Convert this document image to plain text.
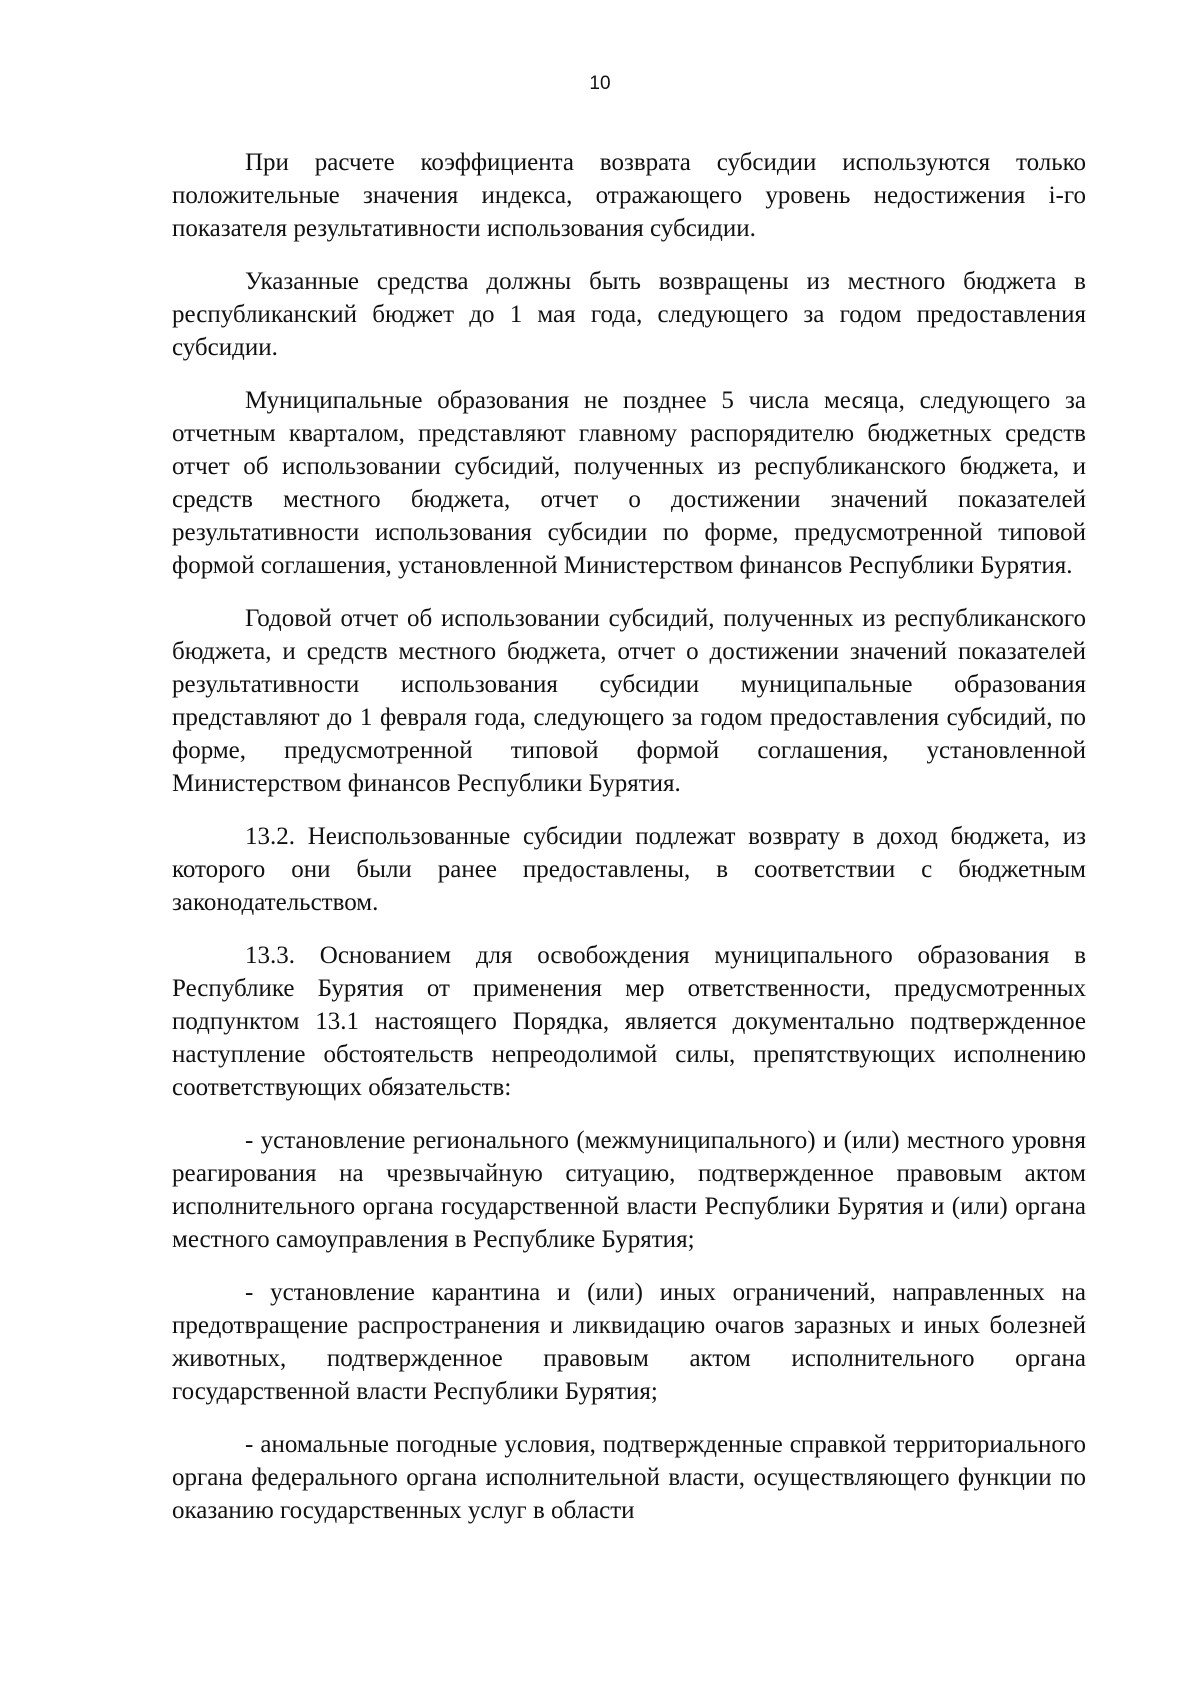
10

При расчете коэффициента возврата субсидии используются только положительные значения индекса, отражающего уровень недостижения i-го показателя результативности использования субсидии.

Указанные средства должны быть возвращены из местного бюджета в республиканский бюджет до 1 мая года, следующего за годом предоставления субсидии.

Муниципальные образования не позднее 5 числа месяца, следующего за отчетным кварталом, представляют главному распорядителю бюджетных средств отчет об использовании субсидий, полученных из республиканского бюджета, и средств местного бюджета, отчет о достижении значений показателей результативности использования субсидии по форме, предусмотренной типовой формой соглашения, установленной Министерством финансов Республики Бурятия.

Годовой отчет об использовании субсидий, полученных из республиканского бюджета, и средств местного бюджета, отчет о достижении значений показателей результативности использования субсидии муниципальные образования представляют до 1 февраля года, следующего за годом предоставления субсидий, по форме, предусмотренной типовой формой соглашения, установленной Министерством финансов Республики Бурятия.

13.2. Неиспользованные субсидии подлежат возврату в доход бюджета, из которого они были ранее предоставлены, в соответствии с бюджетным законодательством.

13.3. Основанием для освобождения муниципального образования в Республике Бурятия от применения мер ответственности, предусмотренных подпунктом 13.1 настоящего Порядка, является документально подтвержденное наступление обстоятельств непреодолимой силы, препятствующих исполнению соответствующих обязательств:

- установление регионального (межмуниципального) и (или) местного уровня реагирования на чрезвычайную ситуацию, подтвержденное правовым актом исполнительного органа государственной власти Республики Бурятия и (или) органа местного самоуправления в Республике Бурятия;

- установление карантина и (или) иных ограничений, направленных на предотвращение распространения и ликвидацию очагов заразных и иных болезней животных, подтвержденное правовым актом исполнительного органа государственной власти Республики Бурятия;

- аномальные погодные условия, подтвержденные справкой территориального органа федерального органа исполнительной власти, осуществляющего функции по оказанию государственных услуг в области
